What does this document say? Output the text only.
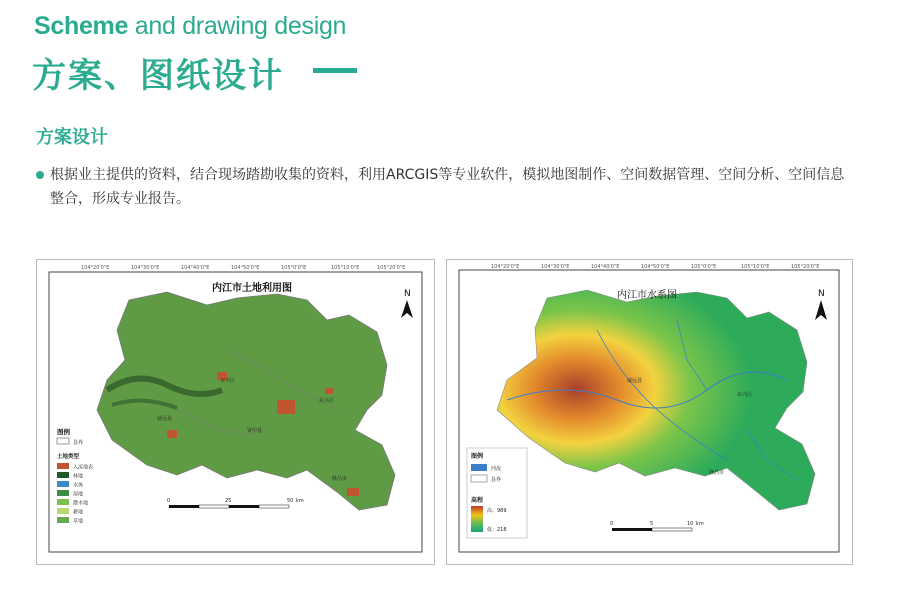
Scheme and drawing design
方案、图纸设计
方案设计
根据业主提供的资料，结合现场踏勘收集的资料，利用ARCGIS等专业软件，模拟地图制作、空间数据管理、空间分析、空间信息整合，形成专业报告。
104°20'0"E	104°30'0"E	104°40'0"E	104°50'0"E	105°0'0"E	105°10'0"E	105°20'0"E
威远县
市中区
东兴区
资中县
隆昌市
内江市土地利用图	N
图例
县界
土地类型
入流地表
林地
水体
湿地
灌木地
耕地
草地
0	25	50 km
104°20'0"E	104°30'0"E	104°40'0"E	104°50'0"E	105°0'0"E	105°10'0"E	105°20'0"E
威远县
东兴区
隆昌市
内江市水系图	N
图例
河流
县界
高程
高：989
低：218
0	5	10 km
